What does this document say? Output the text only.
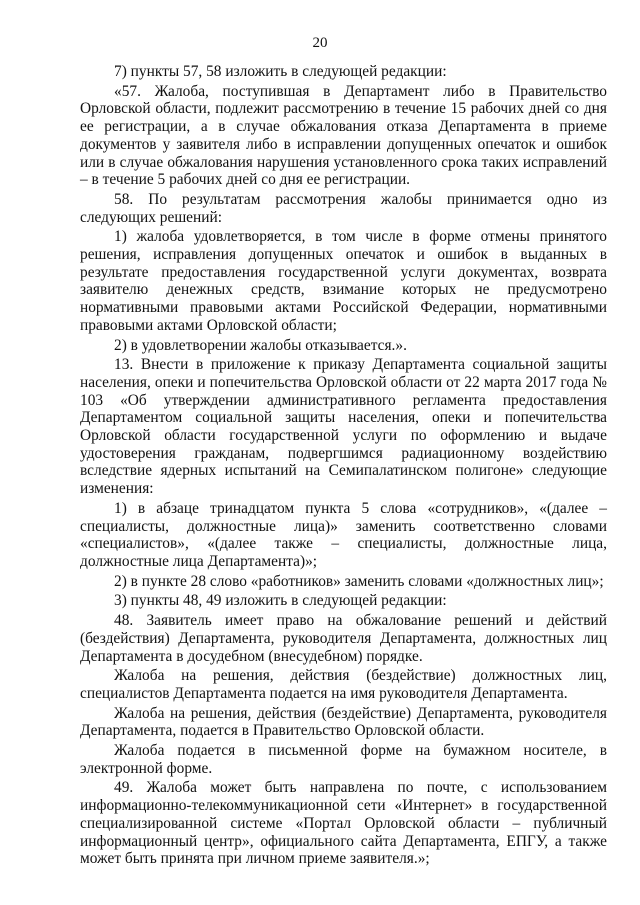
20

7) пункты 57, 58 изложить в следующей редакции:

«57. Жалоба, поступившая в Департамент либо в Правительство Орловской области, подлежит рассмотрению в течение 15 рабочих дней со дня ее регистрации, а в случае обжалования отказа Департамента в приеме документов у заявителя либо в исправлении допущенных опечаток и ошибок или в случае обжалования нарушения установленного срока таких исправлений – в течение 5 рабочих дней со дня ее регистрации.

58. По результатам рассмотрения жалобы принимается одно из следующих решений:

1) жалоба удовлетворяется, в том числе в форме отмены принятого решения, исправления допущенных опечаток и ошибок в выданных в результате предоставления государственной услуги документах, возврата заявителю денежных средств, взимание которых не предусмотрено нормативными правовыми актами Российской Федерации, нормативными правовыми актами Орловской области;

2) в удовлетворении жалобы отказывается.».

13. Внести в приложение к приказу Департамента социальной защиты населения, опеки и попечительства Орловской области от 22 марта 2017 года № 103 «Об утверждении административного регламента предоставления Департаментом социальной защиты населения, опеки и попечительства Орловской области государственной услуги по оформлению и выдаче удостоверения гражданам, подвергшимся радиационному воздействию вследствие ядерных испытаний на Семипалатинском полигоне» следующие изменения:

1) в абзаце тринадцатом пункта 5 слова «сотрудников», «(далее – специалисты, должностные лица)» заменить соответственно словами «специалистов», «(далее также – специалисты, должностные лица, должностные лица Департамента)»;

2) в пункте 28 слово «работников» заменить словами «должностных лиц»;

3) пункты 48, 49 изложить в следующей редакции:

48. Заявитель имеет право на обжалование решений и действий (бездействия) Департамента, руководителя Департамента, должностных лиц Департамента в досудебном (внесудебном) порядке.

Жалоба на решения, действия (бездействие) должностных лиц, специалистов Департамента подается на имя руководителя Департамента.

Жалоба на решения, действия (бездействие) Департамента, руководителя Департамента, подается в Правительство Орловской области.

Жалоба подается в письменной форме на бумажном носителе, в электронной форме.

49. Жалоба может быть направлена по почте, с использованием информационно-телекоммуникационной сети «Интернет» в государственной специализированной системе «Портал Орловской области – публичный информационный центр», официального сайта Департамента, ЕПГУ, а также может быть принята при личном приеме заявителя.»;
